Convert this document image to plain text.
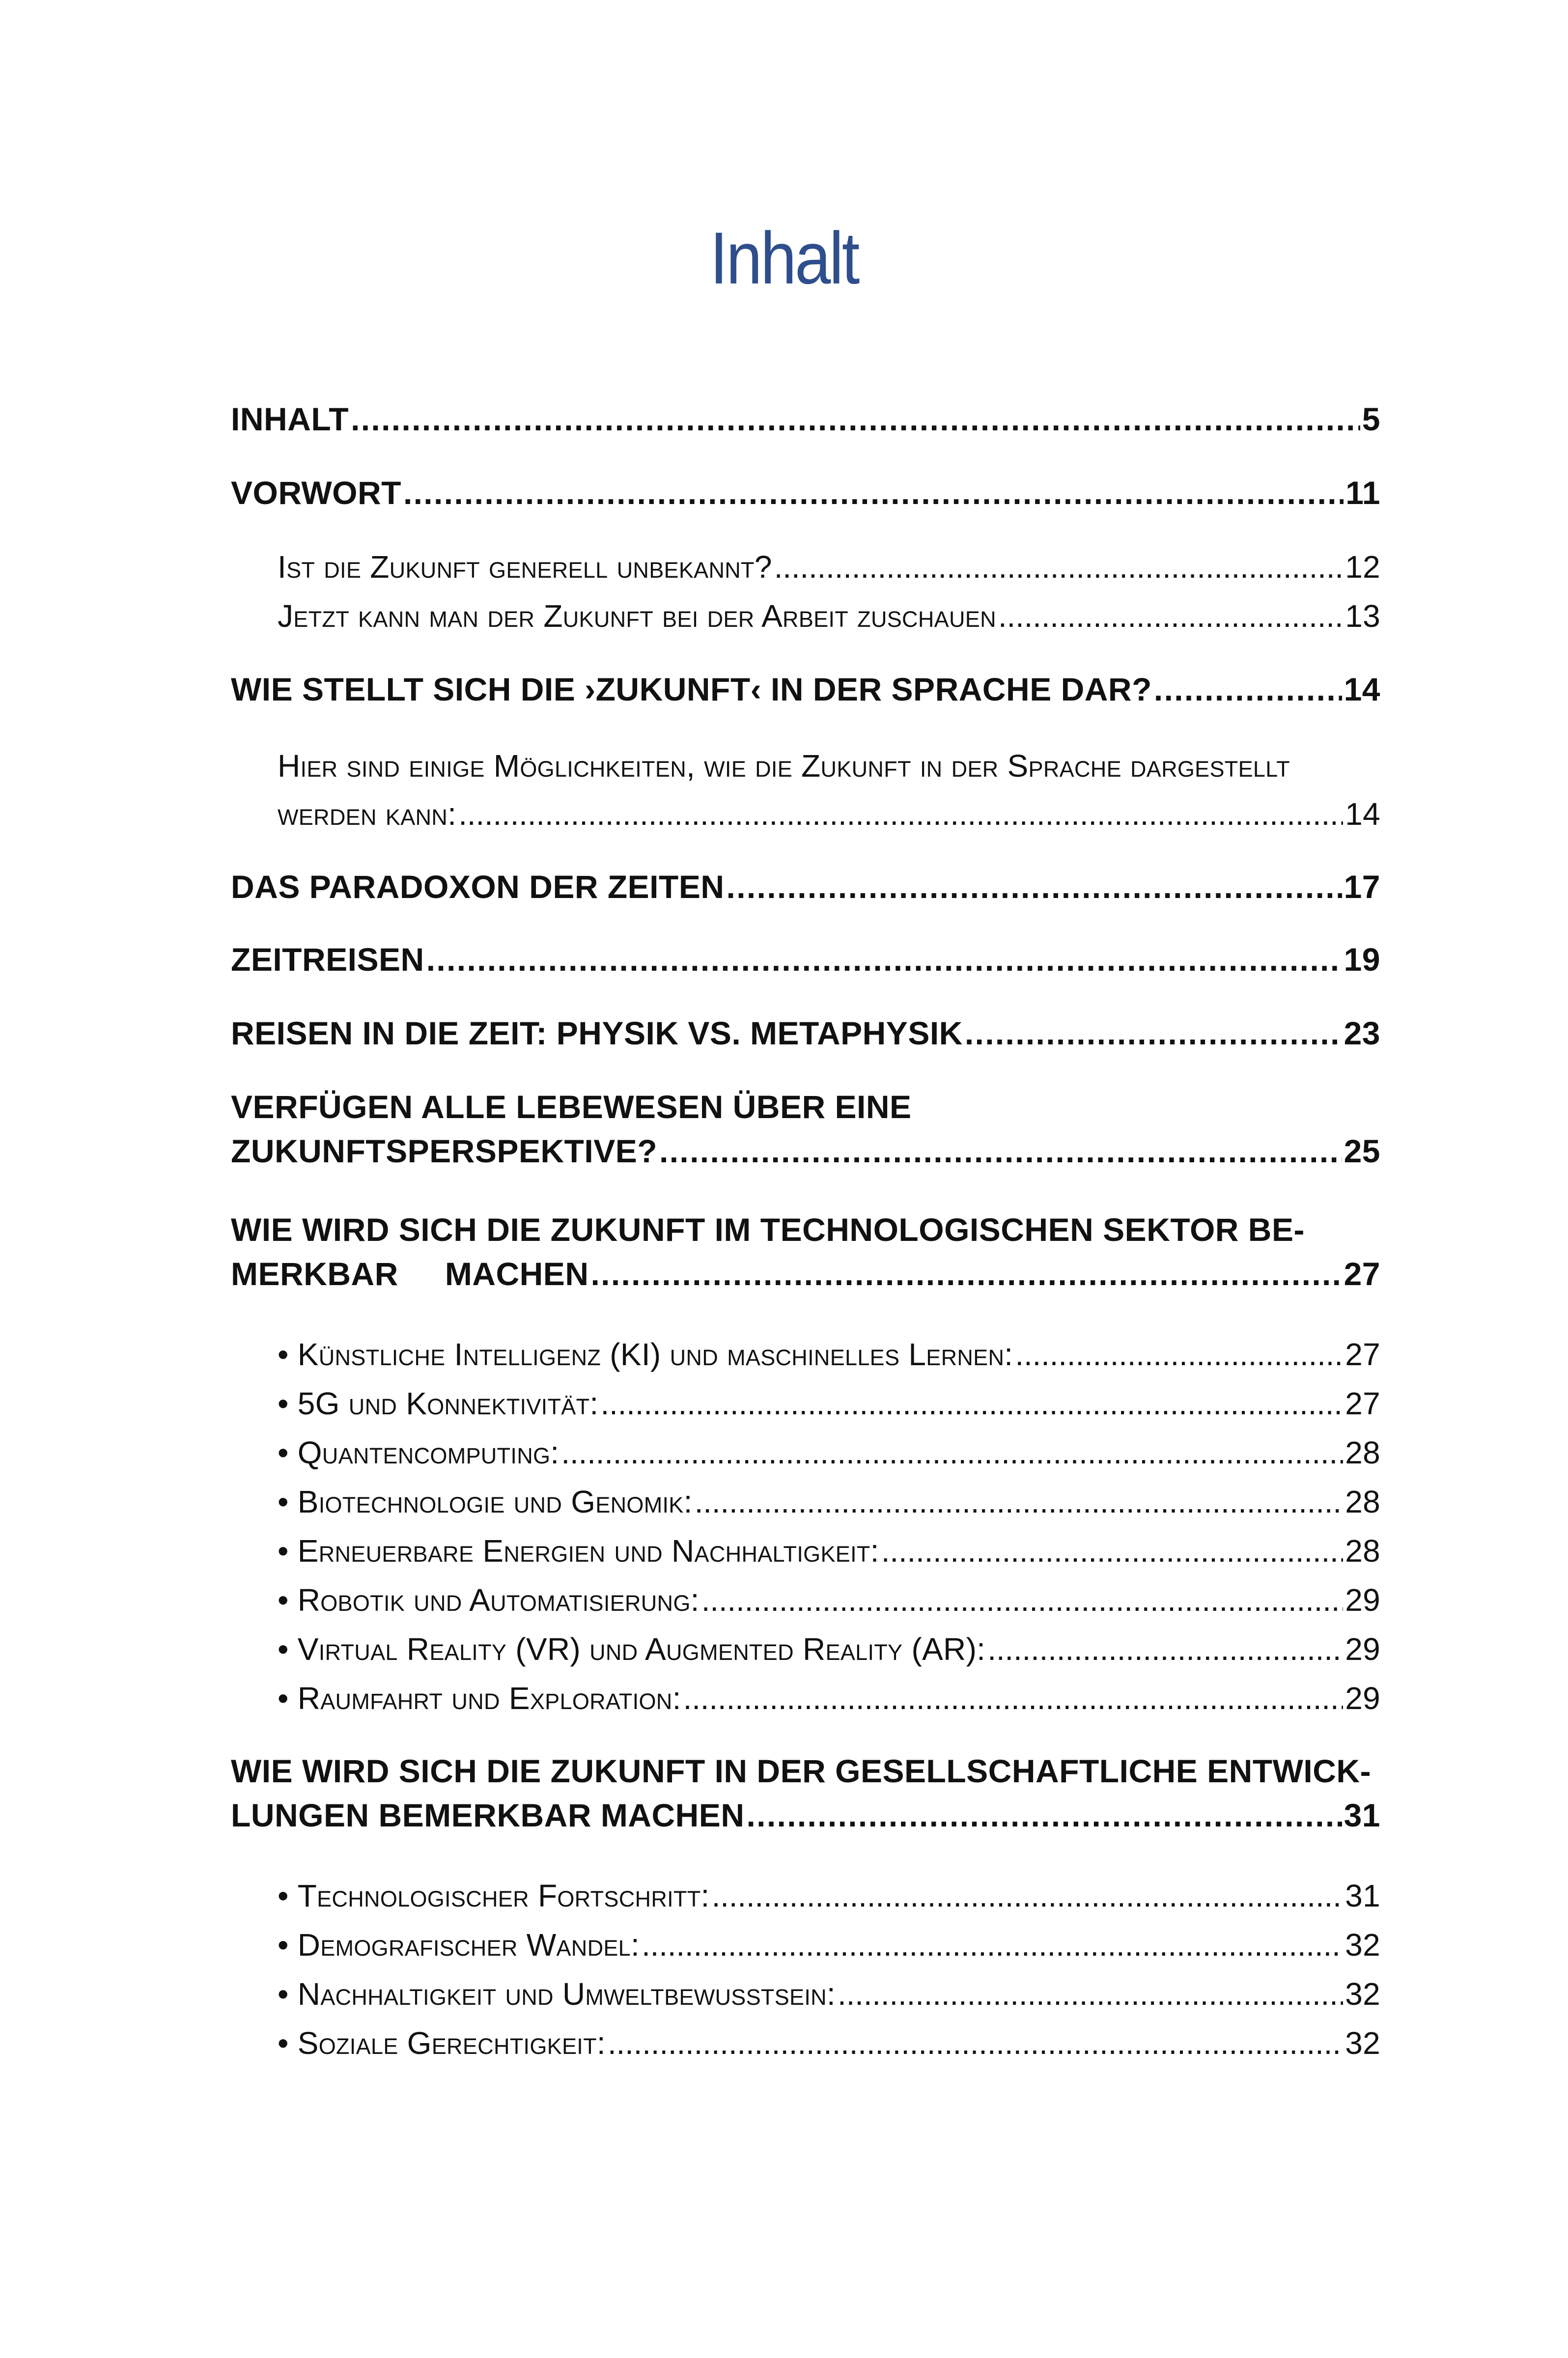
Inhalt
INHALT . . .	5
VORWORT . . .	11
Ist die Zukunft generell unbekannt? . . .	12
Jetzt kann man der Zukunft bei der Arbeit zuschauen . . .	13
WIE STELLT SICH DIE ›ZUKUNFT‹ IN DER SPRACHE DAR? . . .	14
Hier sind einige Möglichkeiten, wie die Zukunft in der Sprache dargestellt
werden kann: . . .	14
DAS PARADOXON DER ZEITEN . . .	17
ZEITREISEN . . .	19
REISEN IN DIE ZEIT: PHYSIK VS. METAPHYSIK . . .	23
VERFÜGEN ALLE LEBEWESEN ÜBER EINE
ZUKUNFTSPERSPEKTIVE? . . .	25
WIE WIRD SICH DIE ZUKUNFT IM TECHNOLOGISCHEN SEKTOR BE-
MERKBAR MACHEN . . .	27
• Künstliche Intelligenz (KI) und maschinelles Lernen: . . .	27
• 5G und Konnektivität: . . .	27
• Quantencomputing: . . .	28
• Biotechnologie und Genomik: . . .	28
• Erneuerbare Energien und Nachhaltigkeit: . . .	28
• Robotik und Automatisierung: . . .	29
• Virtual Reality (VR) und Augmented Reality (AR): . . .	29
• Raumfahrt und Exploration: . . .	29
WIE WIRD SICH DIE ZUKUNFT IN DER GESELLSCHAFTLICHE ENTWICK-
LUNGEN BEMERKBAR MACHEN . . .	31
• Technologischer Fortschritt: . . .	31
• Demografischer Wandel: . . .	32
• Nachhaltigkeit und Umweltbewusstsein: . . .	32
• Soziale Gerechtigkeit: . . .	32
